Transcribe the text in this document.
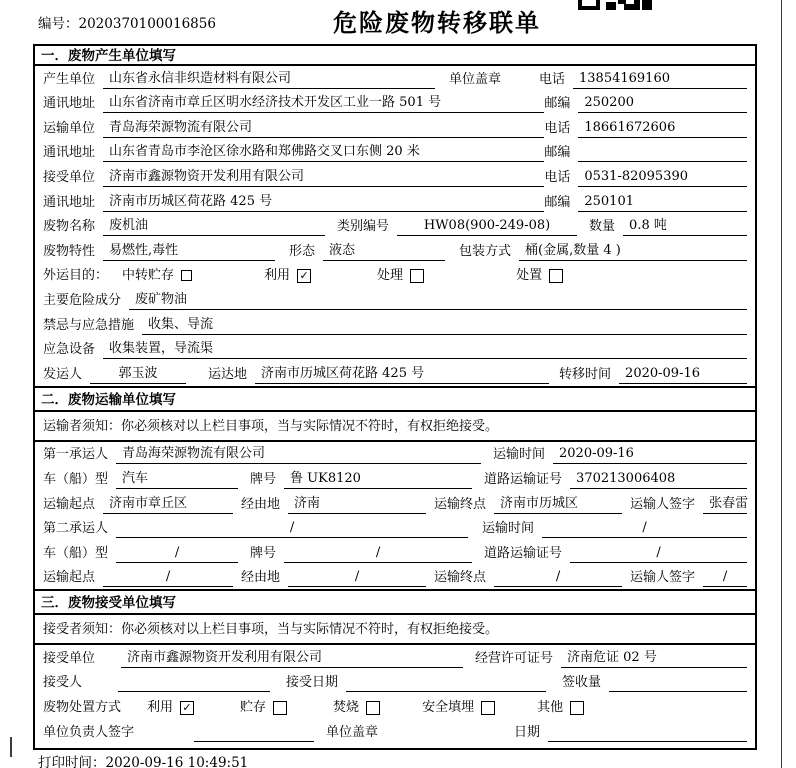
编号：2020370100016856	危险废物转移联单
一．废物产生单位填写
产生单位	山东省永信非织造材料有限公司	单位盖章	电话	13854169160
通讯地址	山东省济南市章丘区明水经济技术开发区工业一路 501 号	邮编	250200
运输单位	青岛海荣源物流有限公司	电话	18661672606
通讯地址	山东省青岛市李沧区徐水路和郑佛路交叉口东侧 20 米	邮编
接受单位	济南市鑫源物资开发利用有限公司	电话	0531-82095390
通讯地址	济南市历城区荷花路 425 号	邮编	250101
废物名称	废机油	类别编号	HW08(900-249-08)	数量	0.8 吨
废物特性	易燃性,毒性	形态	液态	包装方式	桶(金属,数量 4 )
外运目的： 中转贮存	利用 ✓	处理	处置
主要危险成分	废矿物油
禁忌与应急措施	收集、导流
应急设备	收集装置，导流渠
发运人	郭玉波	运达地	济南市历城区荷花路 425 号	转移时间	2020-09-16
二．废物运输单位填写
运输者须知：你必须核对以上栏目事项，当与实际情况不符时，有权拒绝接受。
第一承运人	青岛海荣源物流有限公司	运输时间	2020-09-16
车（船）型	汽车	牌号	鲁 UK8120	道路运输证号	370213006408
运输起点	济南市章丘区	经由地	济南	运输终点	济南市历城区	运输人签字	张春雷
第二承运人	/	运输时间	/
车（船）型	/	牌号	/	道路运输证号	/
运输起点	/	经由地	/	运输终点	/	运输人签字	/
三．废物接受单位填写
接受者须知：你必须核对以上栏目事项，当与实际情况不符时，有权拒绝接受。
接受单位	济南市鑫源物资开发利用有限公司	经营许可证号	济南危证 02 号
接受人	接受日期	签收量
废物处置方式 利用 ✓	贮存	焚烧	安全填埋	其他
单位负责人签字	单位盖章	日期
打印时间：2020-09-16 10:49:51
